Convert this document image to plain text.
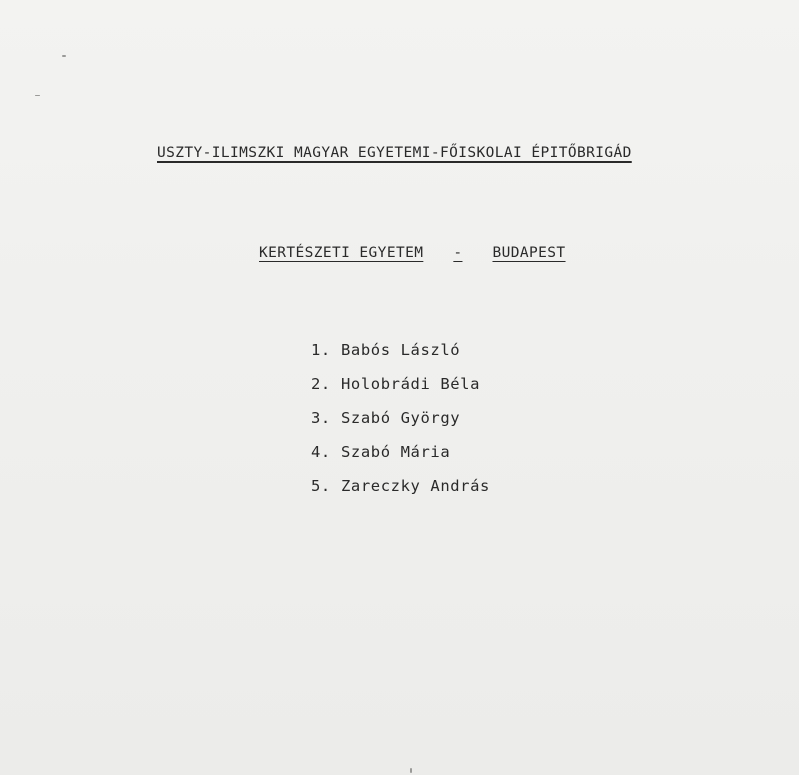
USZTY-ILIMSZKI MAGYAR EGYETEMI-FŐISKOLAI ÉPITŐBRIGÁD
KERTÉSZETI EGYETEM - BUDAPEST
1. Babós László
2. Holobrádi Béla
3. Szabó György
4. Szabó Mária
5. Zareczky András
